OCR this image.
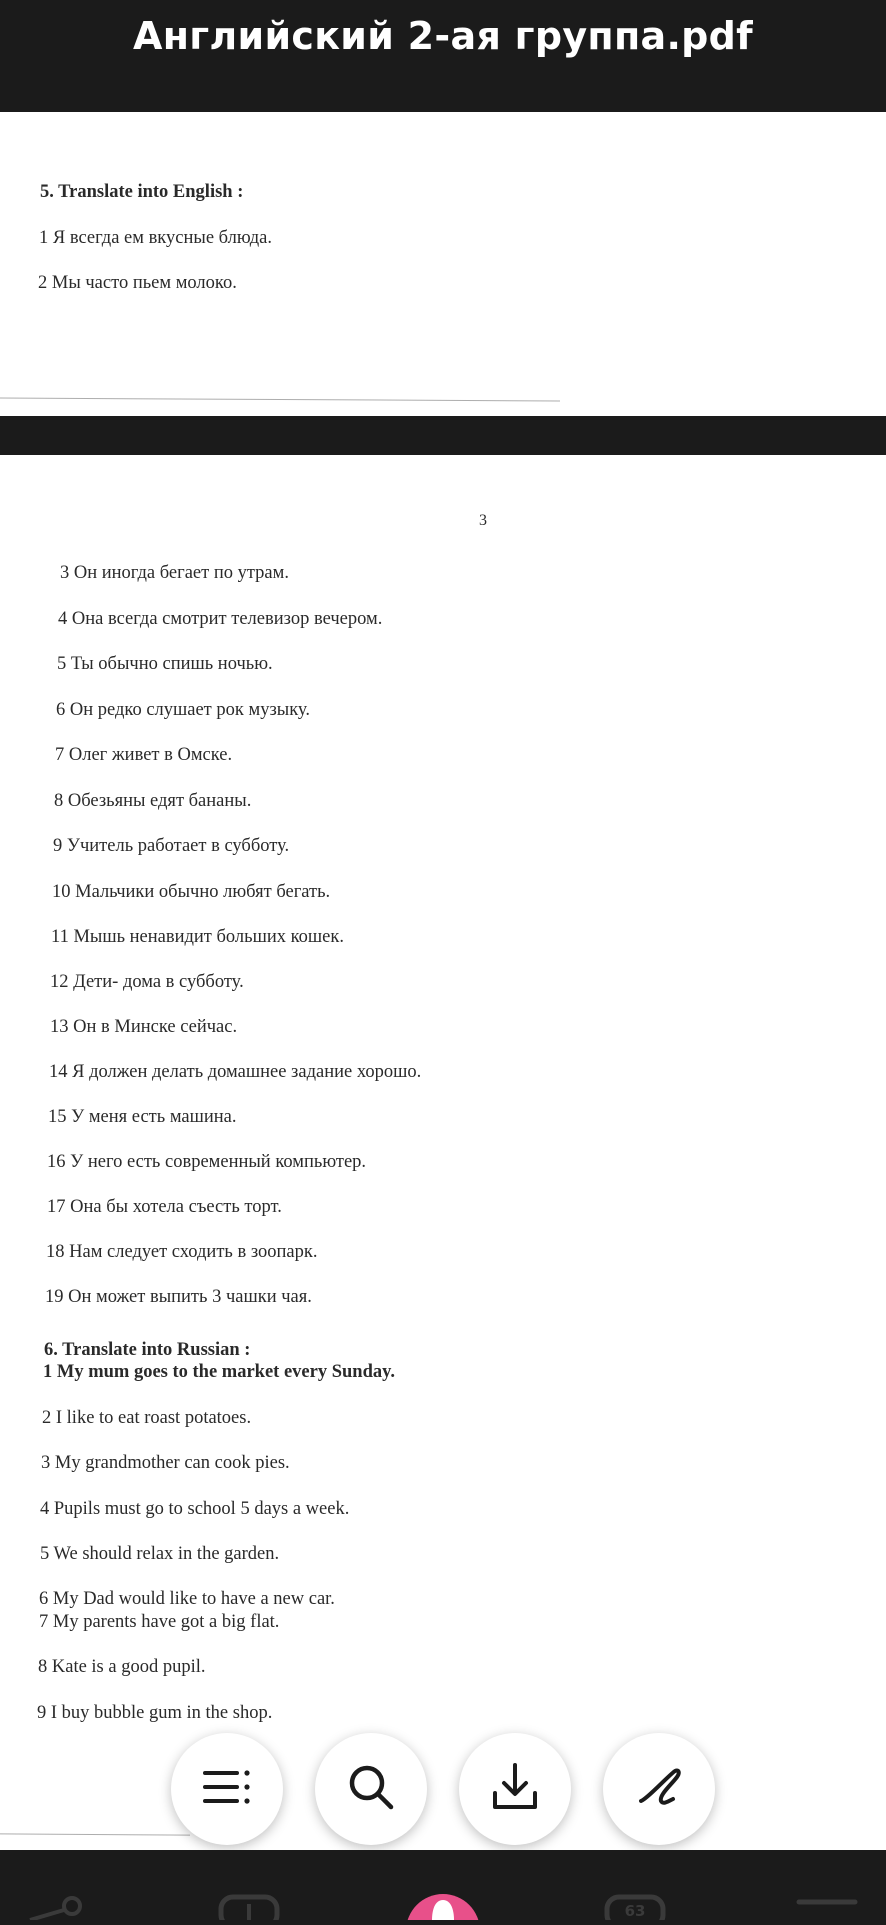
Английский 2-ая группа.pdf
5. Translate into English :
1 Я всегда ем вкусные блюда.
2 Мы часто пьем молоко.
3
3 Он иногда бегает по утрам.
4 Она всегда смотрит телевизор вечером.
5 Ты обычно спишь ночью.
6 Он редко слушает рок музыку.
7 Олег живет в Омске.
8 Обезьяны едят бананы.
9 Учитель работает в субботу.
10 Мальчики обычно любят бегать.
11 Мышь ненавидит больших кошек.
12 Дети- дома в субботу.
13 Он в Минске сейчас.
14 Я должен делать домашнее задание хорошо.
15 У меня есть машина.
16 У него есть современный компьютер.
17 Она бы хотела съесть торт.
18 Нам следует сходить в зоопарк.
19 Он может выпить 3 чашки чая.
6. Translate into Russian :
1 My mum goes to the market every Sunday.
2 I like to eat roast potatoes.
3 My grandmother can cook pies.
4 Pupils must go to school 5 days a week.
5 We should relax in the garden.
6 My Dad would like to have a new car.
7 My parents have got a big flat.
8 Kate is a good pupil.
9 I buy bubble gum in the shop.
63
